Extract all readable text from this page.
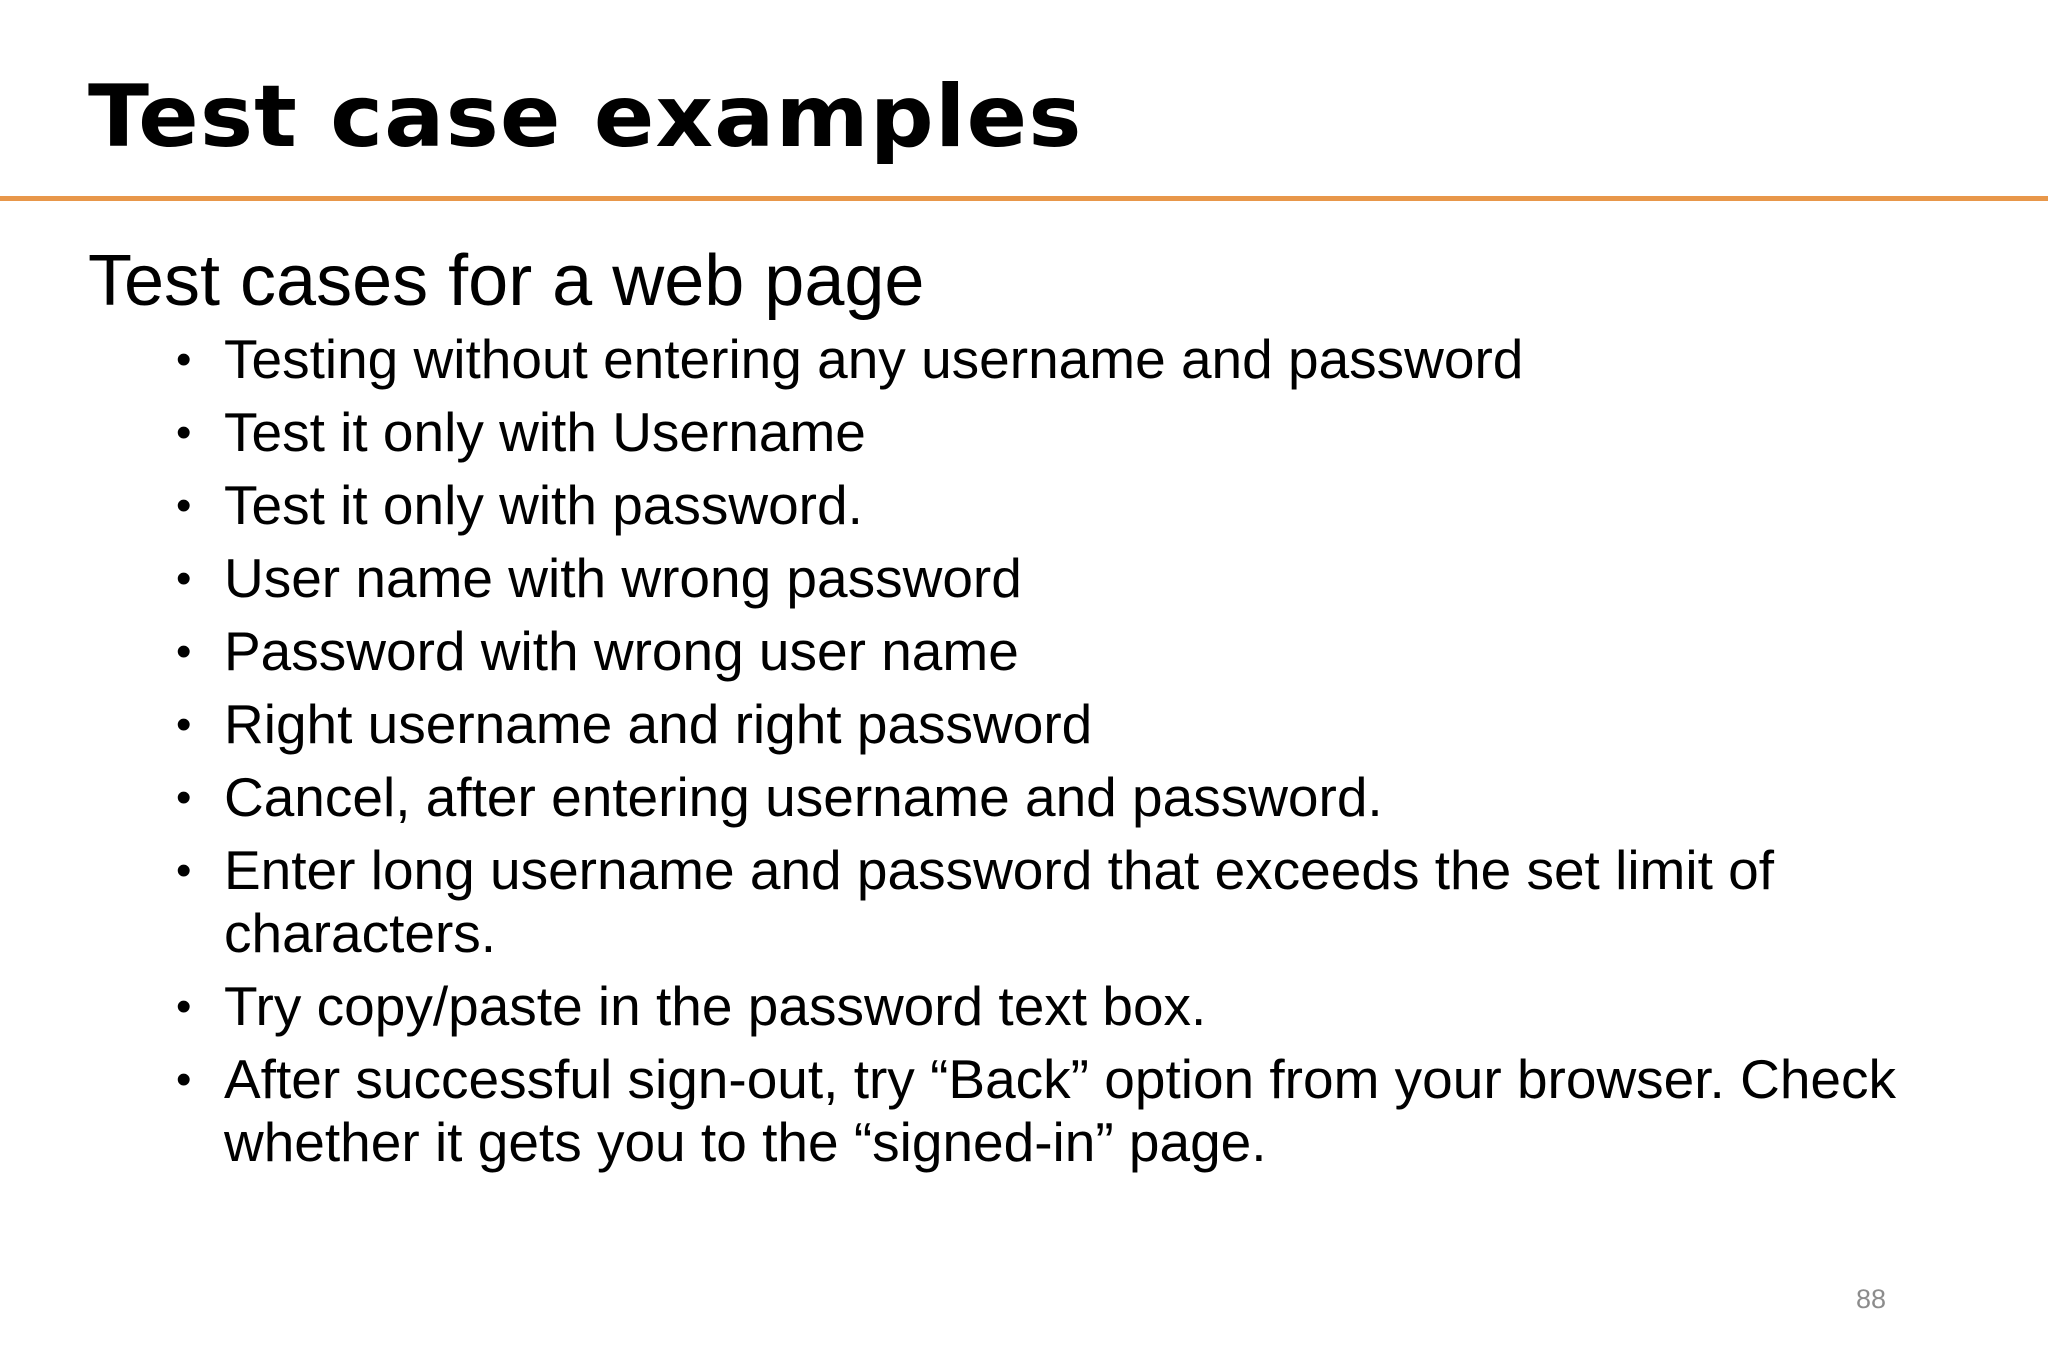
Test case examples
Test cases for a web page
• Testing without entering any username and password
• Test it only with Username
• Test it only with password.
• User name with wrong password
• Password with wrong user name
• Right username and right password
• Cancel, after entering username and password.
• Enter long username and password that exceeds the set limit of characters.
• Try copy/paste in the password text box.
• After successful sign-out, try “Back” option from your browser. Check whether it gets you to the “signed-in” page.
88
